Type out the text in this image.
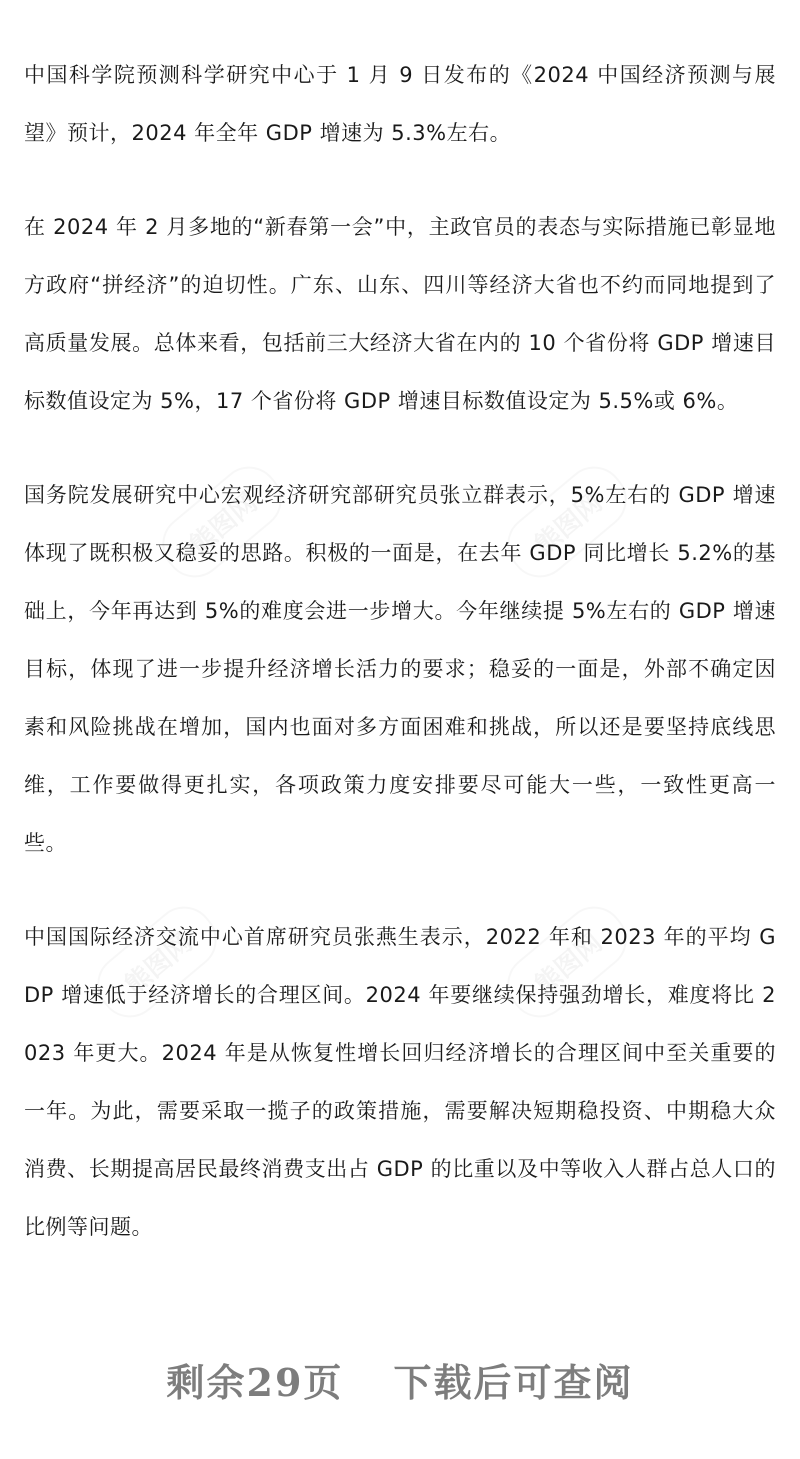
熊图网	熊图网
熊图网	熊图网

中国科学院预测科学研究中心于 1 月 9 日发布的《2024 中国经济预测与展望》预计，2024 年全年 GDP 增速为 5.3%左右。

在 2024 年 2 月多地的“新春第一会”中，主政官员的表态与实际措施已彰显地方政府“拼经济”的迫切性。广东、山东、四川等经济大省也不约而同地提到了高质量发展。总体来看，包括前三大经济大省在内的 10 个省份将 GDP 增速目标数值设定为 5%，17 个省份将 GDP 增速目标数值设定为 5.5%或 6%。

国务院发展研究中心宏观经济研究部研究员张立群表示，5%左右的 GDP 增速体现了既积极又稳妥的思路。积极的一面是，在去年 GDP 同比增长 5.2%的基础上，今年再达到 5%的难度会进一步增大。今年继续提 5%左右的 GDP 增速目标，体现了进一步提升经济增长活力的要求；稳妥的一面是，外部不确定因素和风险挑战在增加，国内也面对多方面困难和挑战，所以还是要坚持底线思维，工作要做得更扎实，各项政策力度安排要尽可能大一些，一致性更高一些。

中国国际经济交流中心首席研究员张燕生表示，2022 年和 2023 年的平均 GDP 增速低于经济增长的合理区间。2024 年要继续保持强劲增长，难度将比 2023 年更大。2024 年是从恢复性增长回归经济增长的合理区间中至关重要的一年。为此，需要采取一揽子的政策措施，需要解决短期稳投资、中期稳大众消费、长期提高居民最终消费支出占 GDP 的比重以及中等收入人群占总人口的比例等问题。

剩余29页 下载后可查阅
